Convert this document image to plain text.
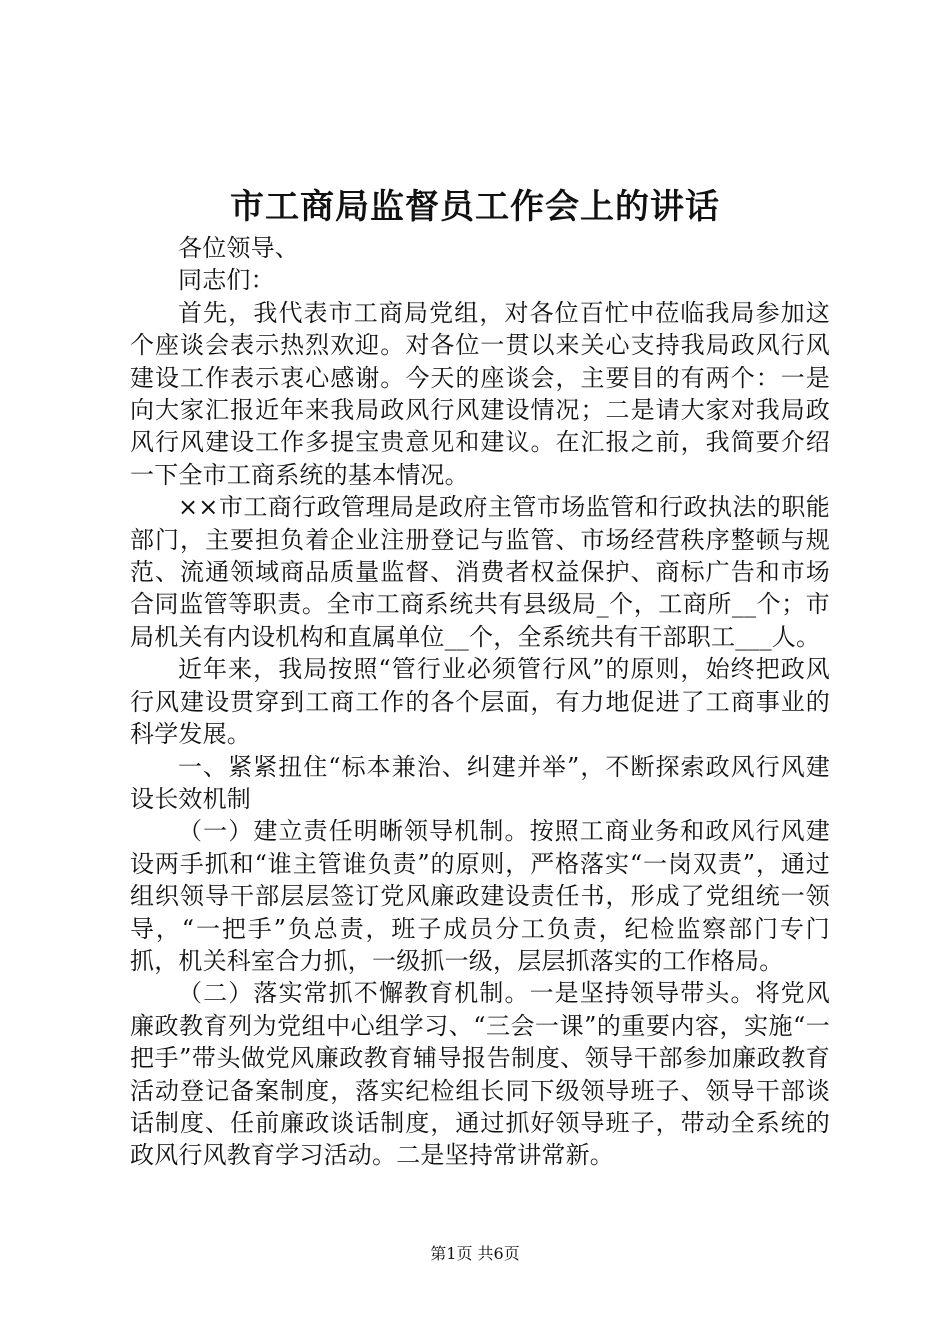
市工商局监督员工作会上的讲话

各位领导、

同志们：

首先，我代表市工商局党组，对各位百忙中莅临我局参加这个座谈会表示热烈欢迎。对各位一贯以来关心支持我局政风行风建设工作表示衷心感谢。今天的座谈会，主要目的有两个：一是向大家汇报近年来我局政风行风建设情况；二是请大家对我局政风行风建设工作多提宝贵意见和建议。在汇报之前，我简要介绍一下全市工商系统的基本情况。

××市工商行政管理局是政府主管市场监管和行政执法的职能部门，主要担负着企业注册登记与监管、市场经营秩序整顿与规范、流通领域商品质量监督、消费者权益保护、商标广告和市场合同监管等职责。全市工商系统共有县级局_个，工商所__个；市局机关有内设机构和直属单位__个，全系统共有干部职工___人。

近年来，我局按照“管行业必须管行风”的原则，始终把政风行风建设贯穿到工商工作的各个层面，有力地促进了工商事业的科学发展。

一、紧紧扭住“标本兼治、纠建并举”，不断探索政风行风建设长效机制

（一）建立责任明晰领导机制。按照工商业务和政风行风建设两手抓和“谁主管谁负责”的原则，严格落实“一岗双责”，通过组织领导干部层层签订党风廉政建设责任书，形成了党组统一领导，“一把手”负总责，班子成员分工负责，纪检监察部门专门抓，机关科室合力抓，一级抓一级，层层抓落实的工作格局。

（二）落实常抓不懈教育机制。一是坚持领导带头。将党风廉政教育列为党组中心组学习、“三会一课”的重要内容，实施“一把手”带头做党风廉政教育辅导报告制度、领导干部参加廉政教育活动登记备案制度，落实纪检组长同下级领导班子、领导干部谈话制度、任前廉政谈话制度，通过抓好领导班子，带动全系统的政风行风教育学习活动。二是坚持常讲常新。

第1页 共6页
